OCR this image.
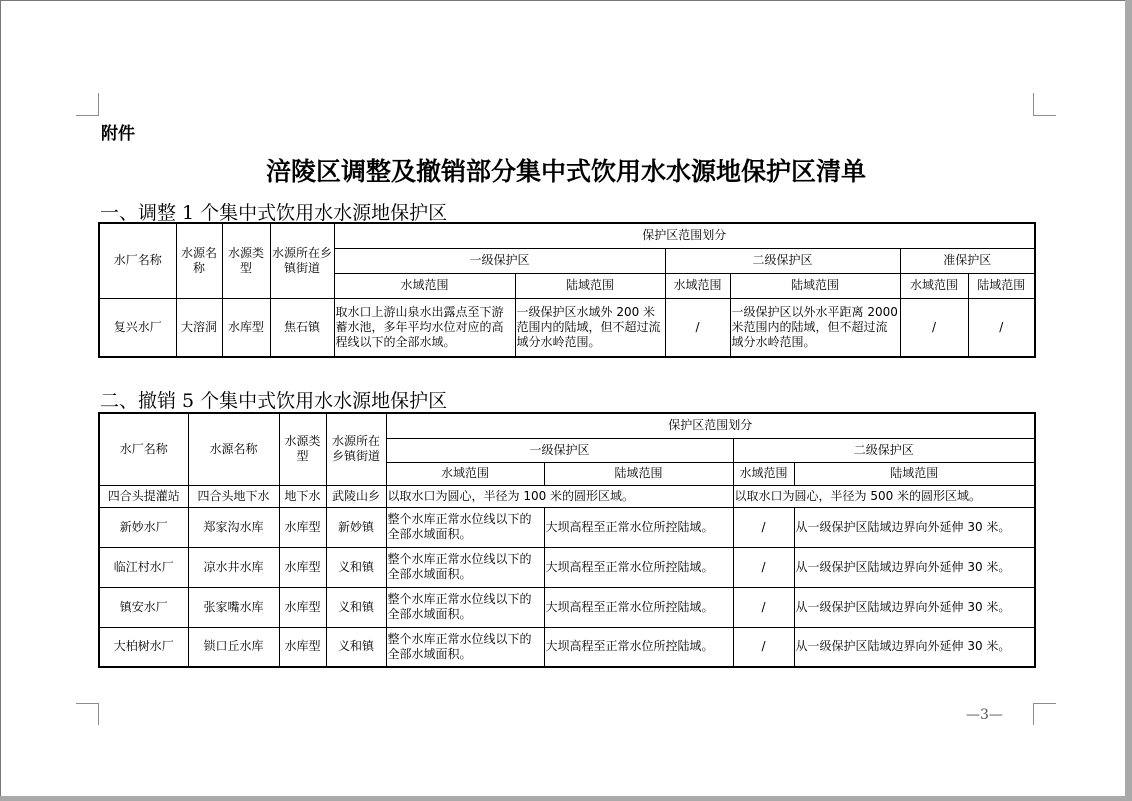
附件
涪陵区调整及撤销部分集中式饮用水水源地保护区清单
一、调整 1 个集中式饮用水水源地保护区
水厂名称	水源名称	水源类型	水源所在乡镇街道	保护区范围划分					
				一级保护区		二级保护区		准保护区	
				水域范围	陆域范围	水域范围	陆域范围	水域范围	陆域范围
复兴水厂	大溶洞	水库型	焦石镇	取水口上游山泉水出露点至下游蓄水池，多年平均水位对应的高程线以下的全部水域。	一级保护区水域外 200 米范围内的陆域，但不超过流域分水岭范围。	/	一级保护区以外水平距离 2000 米范围内的陆域，但不超过流域分水岭范围。	/	/
二、撤销 5 个集中式饮用水水源地保护区
水厂名称	水源名称	水源类型	水源所在乡镇街道	保护区范围划分			
				一级保护区		二级保护区	
				水域范围	陆域范围	水域范围	陆域范围
四合头提灌站	四合头地下水	地下水	武陵山乡	以取水口为圆心，半径为 100 米的圆形区域。		以取水口为圆心，半径为 500 米的圆形区域。	
新妙水厂	郑家沟水库	水库型	新妙镇	整个水库正常水位线以下的全部水域面积。	大坝高程至正常水位所控陆域。	/	从一级保护区陆域边界向外延伸 30 米。
临江村水厂	凉水井水库	水库型	义和镇	整个水库正常水位线以下的全部水域面积。	大坝高程至正常水位所控陆域。	/	从一级保护区陆域边界向外延伸 30 米。
镇安水厂	张家嘴水库	水库型	义和镇	整个水库正常水位线以下的全部水域面积。	大坝高程至正常水位所控陆域。	/	从一级保护区陆域边界向外延伸 30 米。
大柏树水厂	锁口丘水库	水库型	义和镇	整个水库正常水位线以下的全部水域面积。	大坝高程至正常水位所控陆域。	/	从一级保护区陆域边界向外延伸 30 米。
—3—
